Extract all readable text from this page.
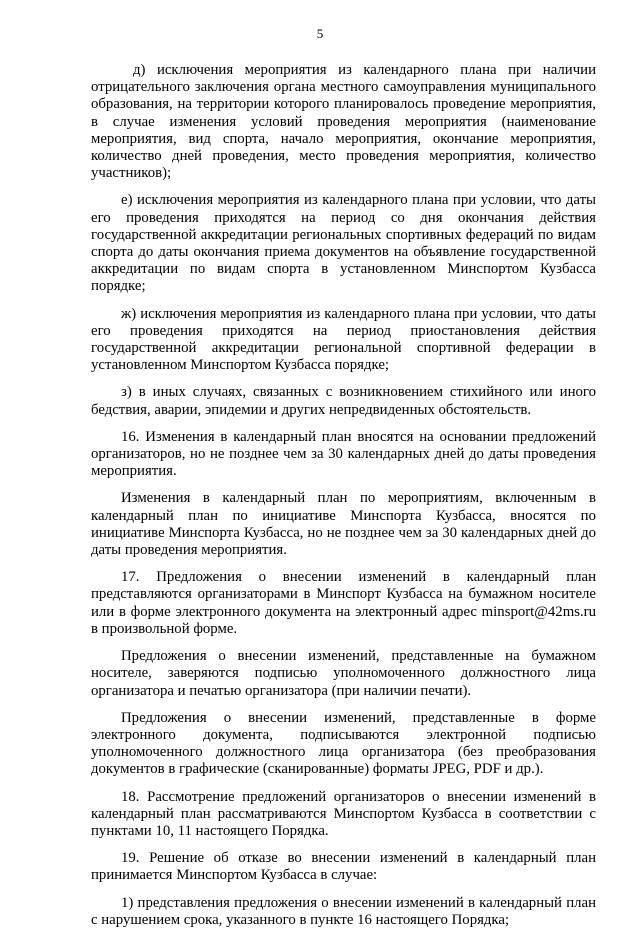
5

д) исключения мероприятия из календарного плана при наличии отрицательного заключения органа местного самоуправления муниципального образования, на территории которого планировалось проведение мероприятия, в случае изменения условий проведения мероприятия (наименование мероприятия, вид спорта, начало мероприятия, окончание мероприятия, количество дней проведения, место проведения мероприятия, количество участников);

е) исключения мероприятия из календарного плана при условии, что даты его проведения приходятся на период со дня окончания действия государственной аккредитации региональных спортивных федераций по видам спорта до даты окончания приема документов на объявление государственной аккредитации по видам спорта в установленном Минспортом Кузбасса порядке;

ж) исключения мероприятия из календарного плана при условии, что даты его проведения приходятся на период приостановления действия государственной аккредитации региональной спортивной федерации в установленном Минспортом Кузбасса порядке;

з) в иных случаях, связанных с возникновением стихийного или иного бедствия, аварии, эпидемии и других непредвиденных обстоятельств.

16. Изменения в календарный план вносятся на основании предложений организаторов, но не позднее чем за 30 календарных дней до даты проведения мероприятия.

Изменения в календарный план по мероприятиям, включенным в календарный план по инициативе Минспорта Кузбасса, вносятся по инициативе Минспорта Кузбасса, но не позднее чем за 30 календарных дней до даты проведения мероприятия.

17. Предложения о внесении изменений в календарный план представляются организаторами в Минспорт Кузбасса на бумажном носителе или в форме электронного документа на электронный адрес minsport@42ms.ru в произвольной форме.

Предложения о внесении изменений, представленные на бумажном носителе, заверяются подписью уполномоченного должностного лица организатора и печатью организатора (при наличии печати).

Предложения о внесении изменений, представленные в форме электронного документа, подписываются электронной подписью уполномоченного должностного лица организатора (без преобразования документов в графические (сканированные) форматы JPEG, PDF и др.).

18. Рассмотрение предложений организаторов о внесении изменений в календарный план рассматриваются Минспортом Кузбасса в соответствии с пунктами 10, 11 настоящего Порядка.

19. Решение об отказе во внесении изменений в календарный план принимается Минспортом Кузбасса в случае:

1) представления предложения о внесении изменений в календарный план с нарушением срока, указанного в пункте 16 настоящего Порядка;
